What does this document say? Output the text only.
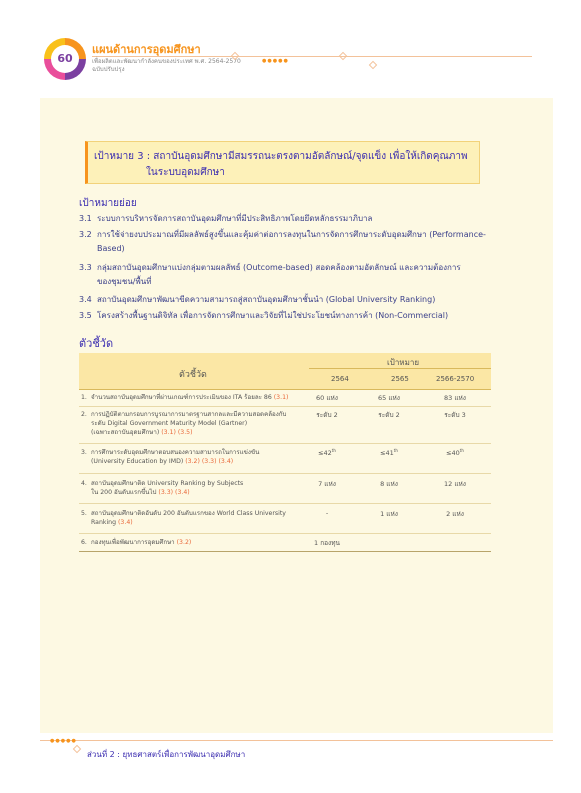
60
แผนด้านการอุดมศึกษา
เพื่อผลิตและพัฒนากำลังคนของประเทศ พ.ศ. 2564-2570
ฉบับปรับปรุง
●●●●●
เป้าหมาย 3 : สถาบันอุดมศึกษามีสมรรถนะตรงตามอัตลักษณ์/จุดแข็ง เพื่อให้เกิดคุณภาพ
ในระบบอุดมศึกษา
เป้าหมายย่อย
3.1 ระบบการบริหารจัดการสถาบันอุดมศึกษาที่มีประสิทธิภาพโดยยึดหลักธรรมาภิบาล
3.2 การใช้จ่ายงบประมาณที่มีผลลัพธ์สูงขึ้นและคุ้มค่าต่อการลงทุนในการจัดการศึกษาระดับอุดมศึกษา (Performance-
Based)
3.3 กลุ่มสถาบันอุดมศึกษาแบ่งกลุ่มตามผลลัพธ์ (Outcome-based) สอดคล้องตามอัตลักษณ์ และความต้องการ
ของชุมชน/พื้นที่
3.4 สถาบันอุดมศึกษาพัฒนาขีดความสามารถสู่สถาบันอุดมศึกษาชั้นนำ (Global University Ranking)
3.5 โครงสร้างพื้นฐานดิจิทัล เพื่อการจัดการศึกษาและวิจัยที่ไม่ใช่ประโยชน์ทางการค้า (Non-Commercial)
ตัวชี้วัด
ตัวชี้วัด
เป้าหมาย
2564	2565	2566-2570
1. จำนวนสถาบันอุดมศึกษาที่ผ่านเกณฑ์การประเมินของ ITA ร้อยละ 86 (3.1)	60 แห่ง	65 แห่ง	83 แห่ง
2. การปฏิบัติตามกรอบการบูรณาการมาตรฐานสากลและมีความสอดคล้องกับ
ระดับ Digital Government Maturity Model (Gartner)
(เฉพาะสถาบันอุดมศึกษา) (3.1) (3.5)
ระดับ 2	ระดับ 2	ระดับ 3
3. การศึกษาระดับอุดมศึกษาตอบสนองความสามารถในการแข่งขัน
(University Education by IMD) (3.2) (3.3) (3.4)
≤42th	≤41th	≤40th
4. สถาบันอุดมศึกษาติด University Ranking by Subjects
ใน 200 อันดับแรกขึ้นไป (3.3) (3.4)
7 แห่ง	8 แห่ง	12 แห่ง
5. สถาบันอุดมศึกษาติดอันดับ 200 อันดับแรกของ World Class University
Ranking (3.4)
-	1 แห่ง	2 แห่ง
6. กองทุนเพื่อพัฒนาการอุดมศึกษา (3.2)	1 กองทุน
●●●●●
ส่วนที่ 2 : ยุทธศาสตร์เพื่อการพัฒนาอุดมศึกษา
